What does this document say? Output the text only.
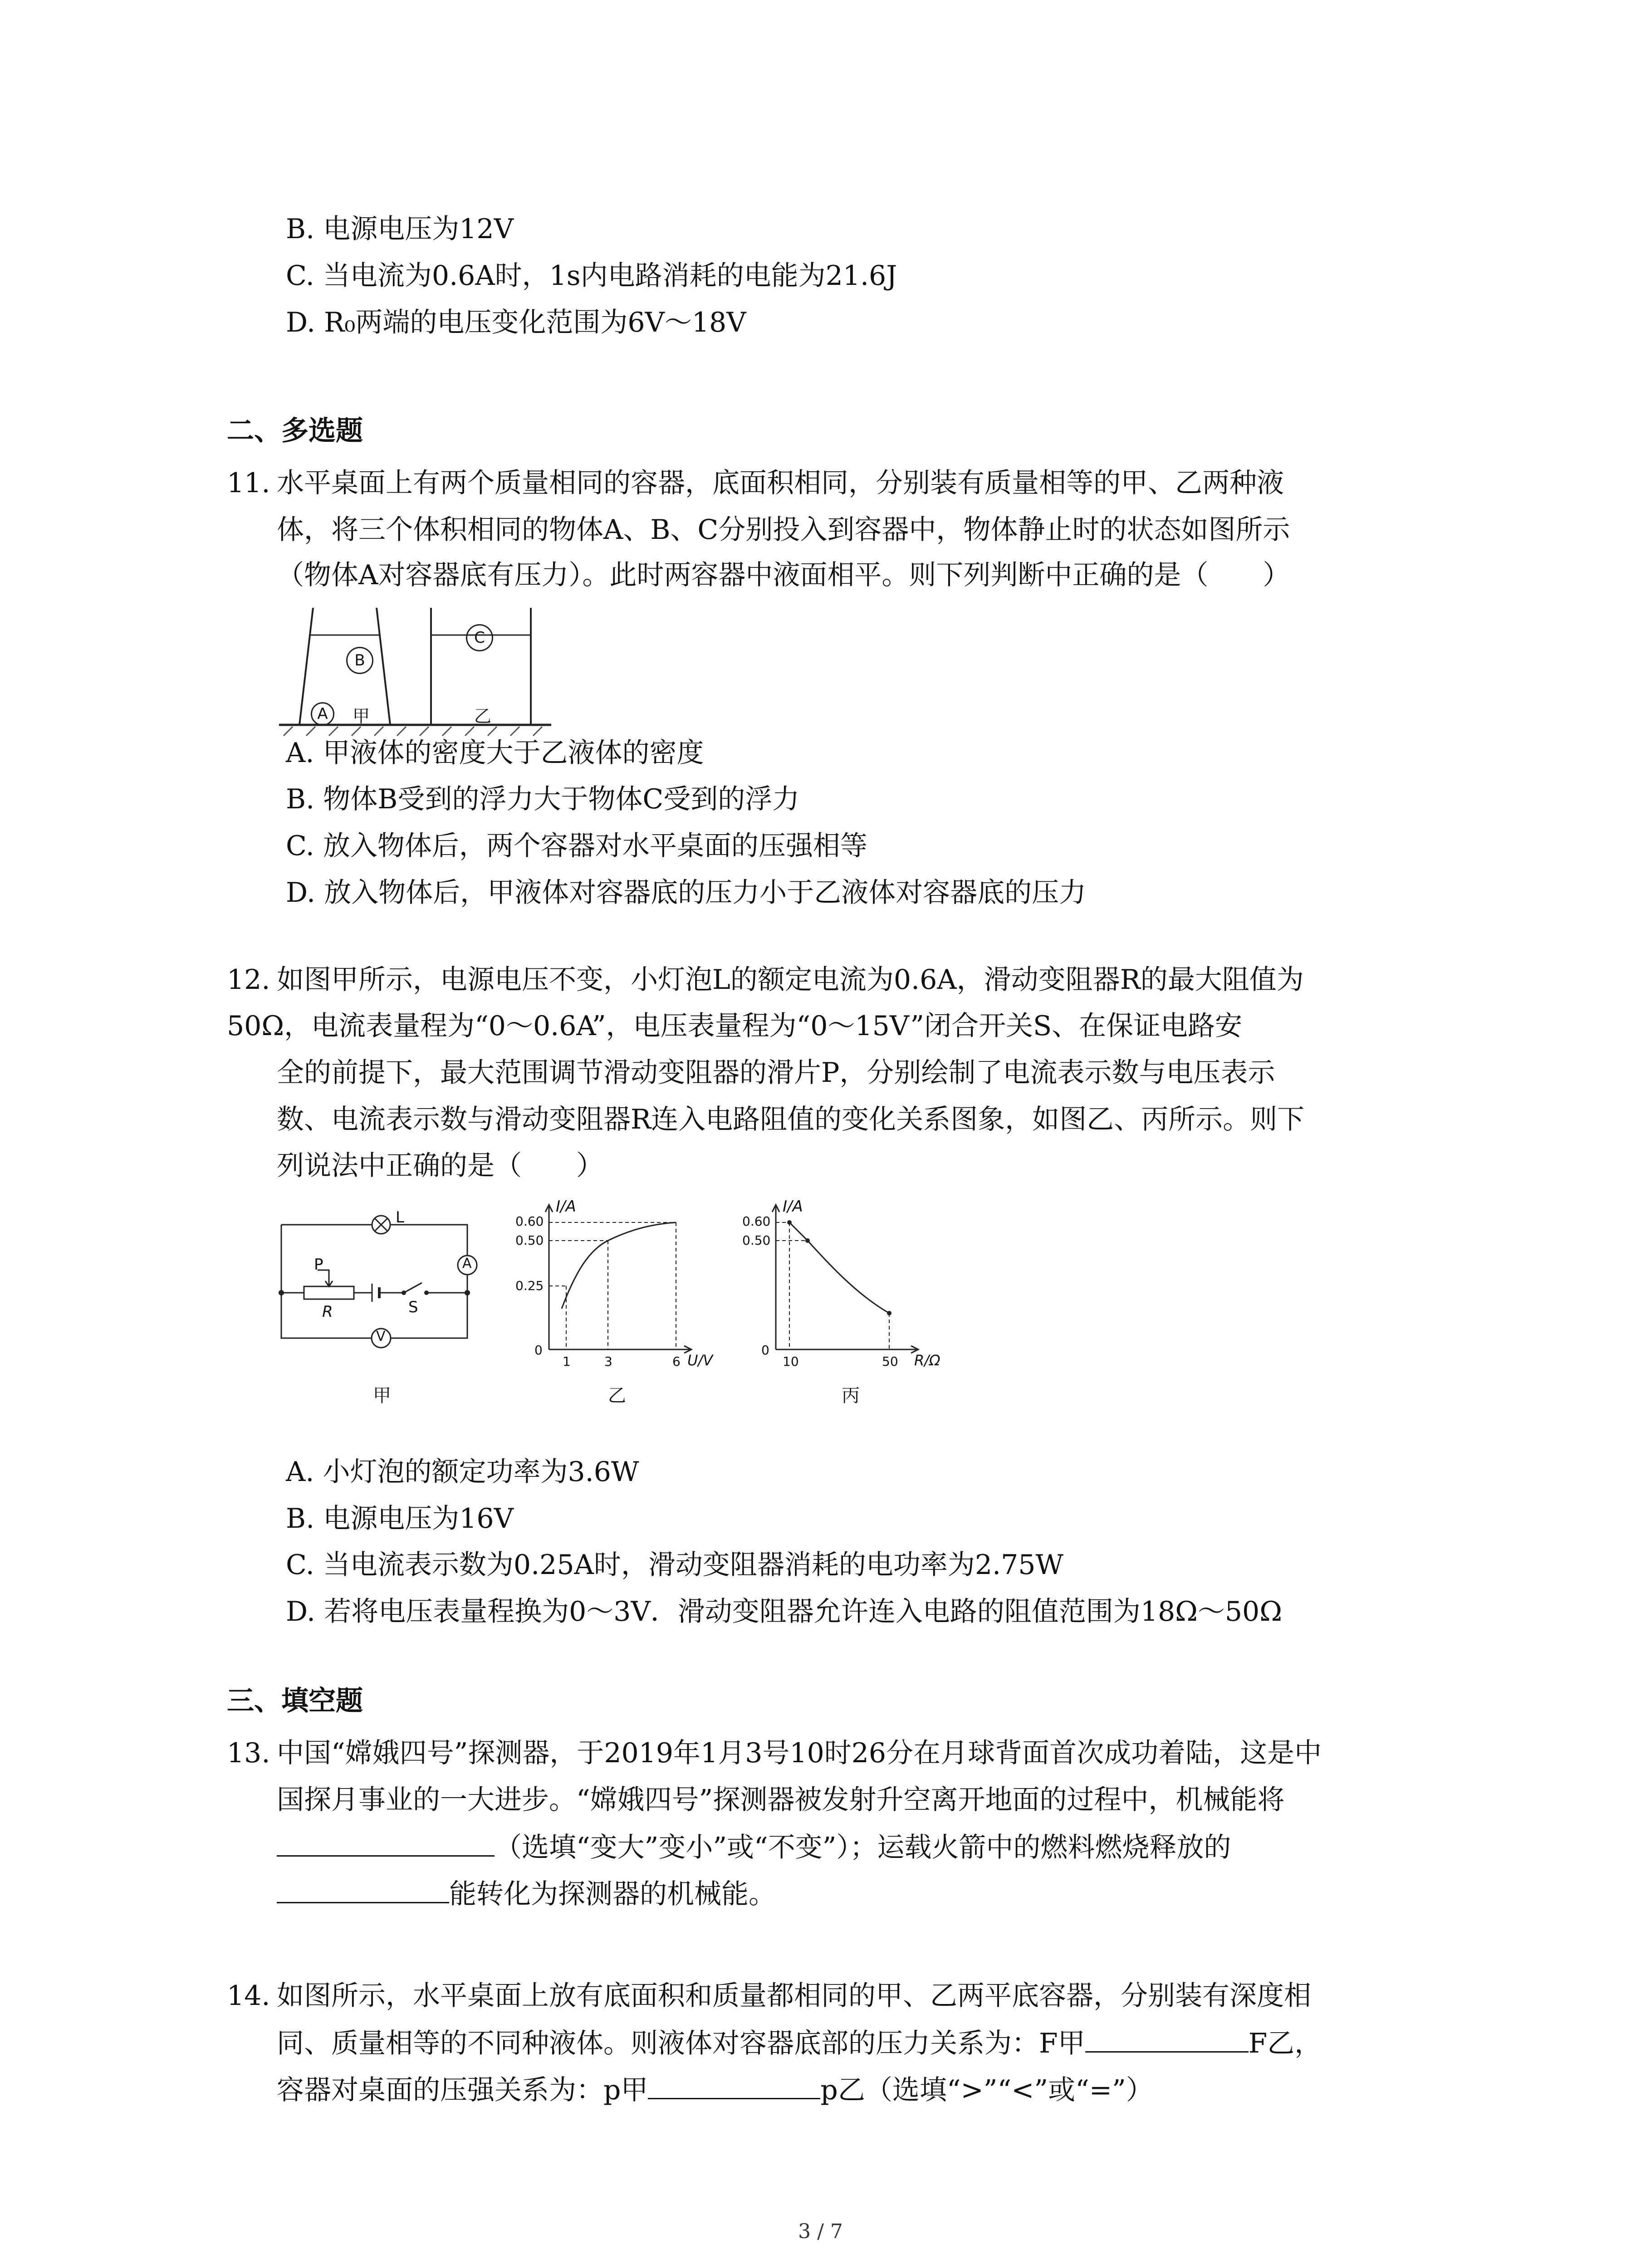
B. 电源电压为12V
C. 当电流为0.6A时，1s内电路消耗的电能为21.6J
D. R₀两端的电压变化范围为6V～18V
二、多选题
11. 水平桌面上有两个质量相同的容器，底面积相同，分别装有质量相等的甲、乙两种液
体，将三个体积相同的物体A、B、C分别投入到容器中，物体静止时的状态如图所示
（物体A对容器底有压力）。此时两容器中液面相平。则下列判断中正确的是（　　）
A
B
C
甲	乙
A. 甲液体的密度大于乙液体的密度
B. 物体B受到的浮力大于物体C受到的浮力
C. 放入物体后，两个容器对水平桌面的压强相等
D. 放入物体后，甲液体对容器底的压力小于乙液体对容器底的压力
12. 如图甲所示，电源电压不变，小灯泡L的额定电流为0.6A，滑动变阻器R的最大阻值为
50Ω，电流表量程为“0～0.6A”，电压表量程为“0～15V”闭合开关S、在保证电路安
全的前提下，最大范围调节滑动变阻器的滑片P，分别绘制了电流表示数与电压表示
数、电流表示数与滑动变阻器R连入电路阻值的变化关系图象，如图乙、丙所示。则下
列说法中正确的是（　　）
L
A
P
R	S
V
甲
I/A
0.60
0.50
0.25
0
1	3	6 U/V
乙
I/A
0.60
0.50
0
10	50 R/Ω
丙
A. 小灯泡的额定功率为3.6W
B. 电源电压为16V
C. 当电流表示数为0.25A时，滑动变阻器消耗的电功率为2.75W
D. 若将电压表量程换为0～3V．滑动变阻器允许连入电路的阻值范围为18Ω～50Ω
三、填空题
13. 中国“嫦娥四号”探测器，于2019年1月3号10时26分在月球背面首次成功着陆，这是中
国探月事业的一大进步。“嫦娥四号”探测器被发射升空离开地面的过程中，机械能将
（选填“变大”变小”或“不变”）；运载火箭中的燃料燃烧释放的
能转化为探测器的机械能。
14. 如图所示，水平桌面上放有底面积和质量都相同的甲、乙两平底容器，分别装有深度相
同、质量相等的不同种液体。则液体对容器底部的压力关系为：F甲	F乙，
容器对桌面的压强关系为：p甲	p乙（选填“>”“<”或“=”）
3 / 7
